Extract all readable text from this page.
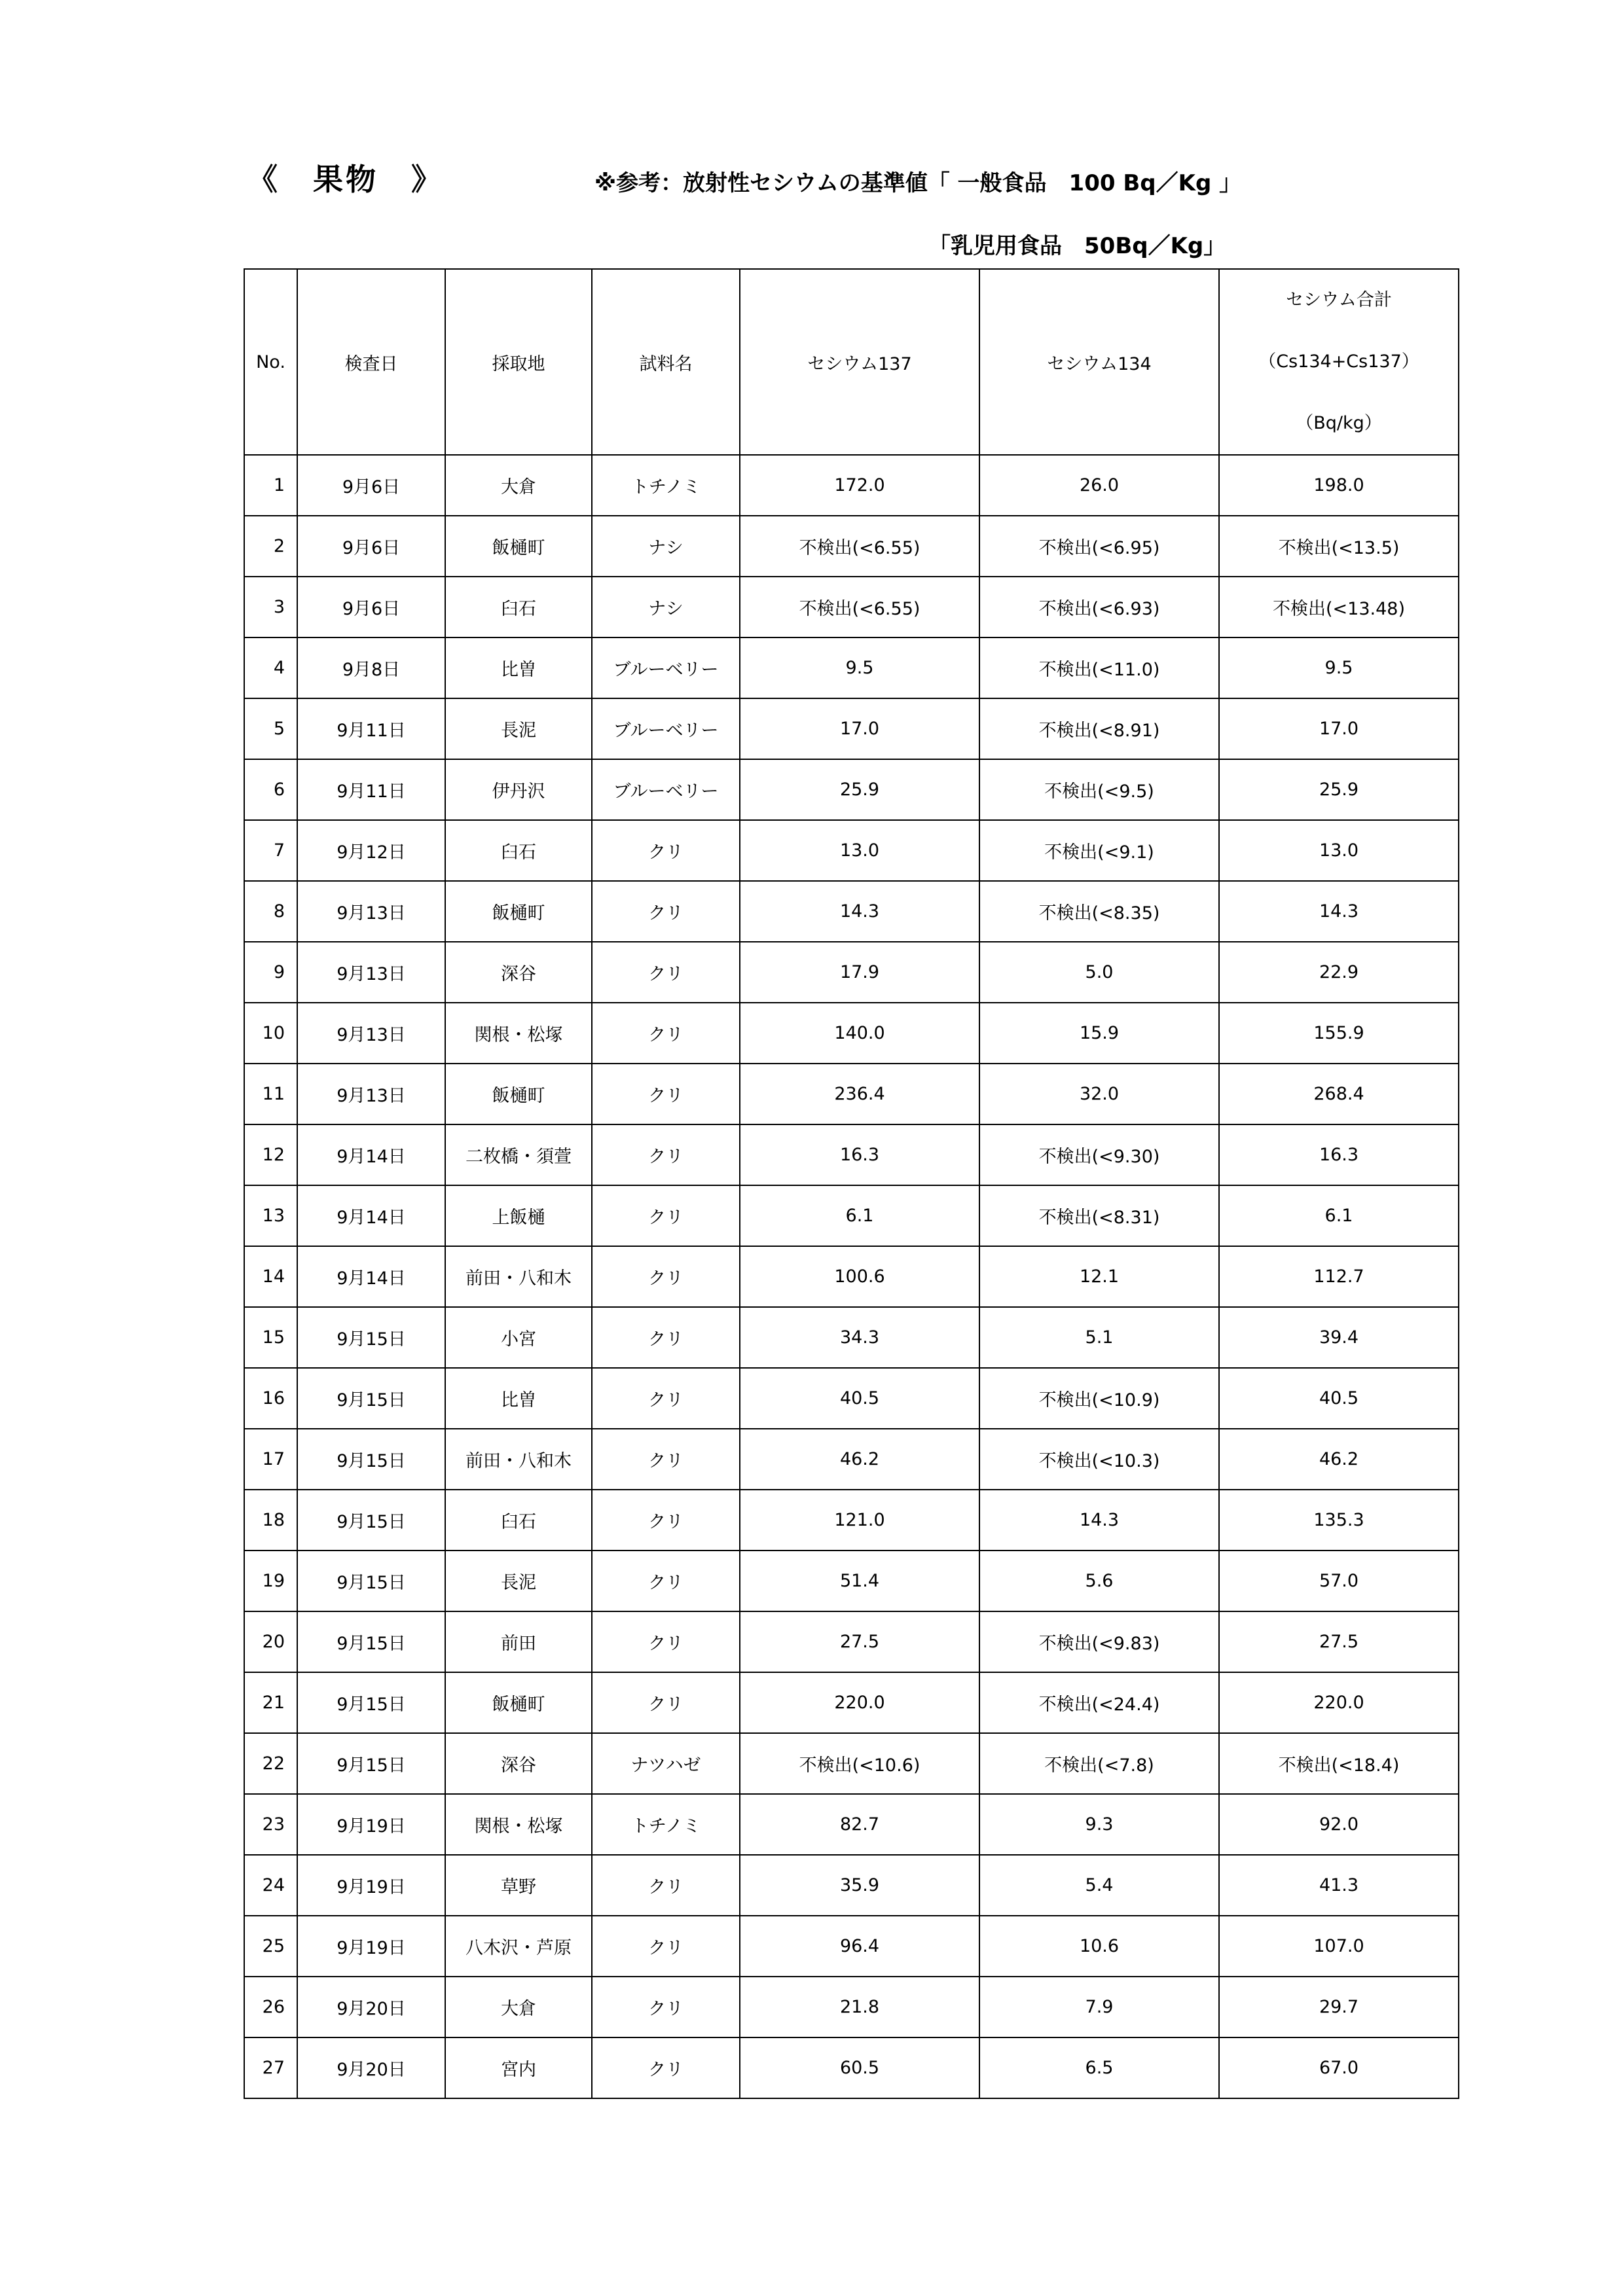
《　果物　》	※参考：放射性セシウムの基準値「 一般食品　100 Bq／Kg 」
「乳児用食品　50Bq／Kg」
No.	検査日	採取地	試料名	セシウム137	セシウム134	セシウム合計
（Cs134+Cs137）
（Bq/kg）

1	9月6日	大倉	トチノミ	172.0	26.0	198.0
2	9月6日	飯樋町	ナシ	不検出(<6.55)	不検出(<6.95)	不検出(<13.5)
3	9月6日	臼石	ナシ	不検出(<6.55)	不検出(<6.93)	不検出(<13.48)
4	9月8日	比曽	ブルーベリー	9.5	不検出(<11.0)	9.5
5	9月11日	長泥	ブルーベリー	17.0	不検出(<8.91)	17.0
6	9月11日	伊丹沢	ブルーベリー	25.9	不検出(<9.5)	25.9
7	9月12日	臼石	クリ	13.0	不検出(<9.1)	13.0
8	9月13日	飯樋町	クリ	14.3	不検出(<8.35)	14.3
9	9月13日	深谷	クリ	17.9	5.0	22.9
10	9月13日	関根・松塚	クリ	140.0	15.9	155.9
11	9月13日	飯樋町	クリ	236.4	32.0	268.4
12	9月14日	二枚橋・須萱	クリ	16.3	不検出(<9.30)	16.3
13	9月14日	上飯樋	クリ	6.1	不検出(<8.31)	6.1
14	9月14日	前田・八和木	クリ	100.6	12.1	112.7
15	9月15日	小宮	クリ	34.3	5.1	39.4
16	9月15日	比曽	クリ	40.5	不検出(<10.9)	40.5
17	9月15日	前田・八和木	クリ	46.2	不検出(<10.3)	46.2
18	9月15日	臼石	クリ	121.0	14.3	135.3
19	9月15日	長泥	クリ	51.4	5.6	57.0
20	9月15日	前田	クリ	27.5	不検出(<9.83)	27.5
21	9月15日	飯樋町	クリ	220.0	不検出(<24.4)	220.0
22	9月15日	深谷	ナツハゼ	不検出(<10.6)	不検出(<7.8)	不検出(<18.4)
23	9月19日	関根・松塚	トチノミ	82.7	9.3	92.0
24	9月19日	草野	クリ	35.9	5.4	41.3
25	9月19日	八木沢・芦原	クリ	96.4	10.6	107.0
26	9月20日	大倉	クリ	21.8	7.9	29.7
27	9月20日	宮内	クリ	60.5	6.5	67.0
